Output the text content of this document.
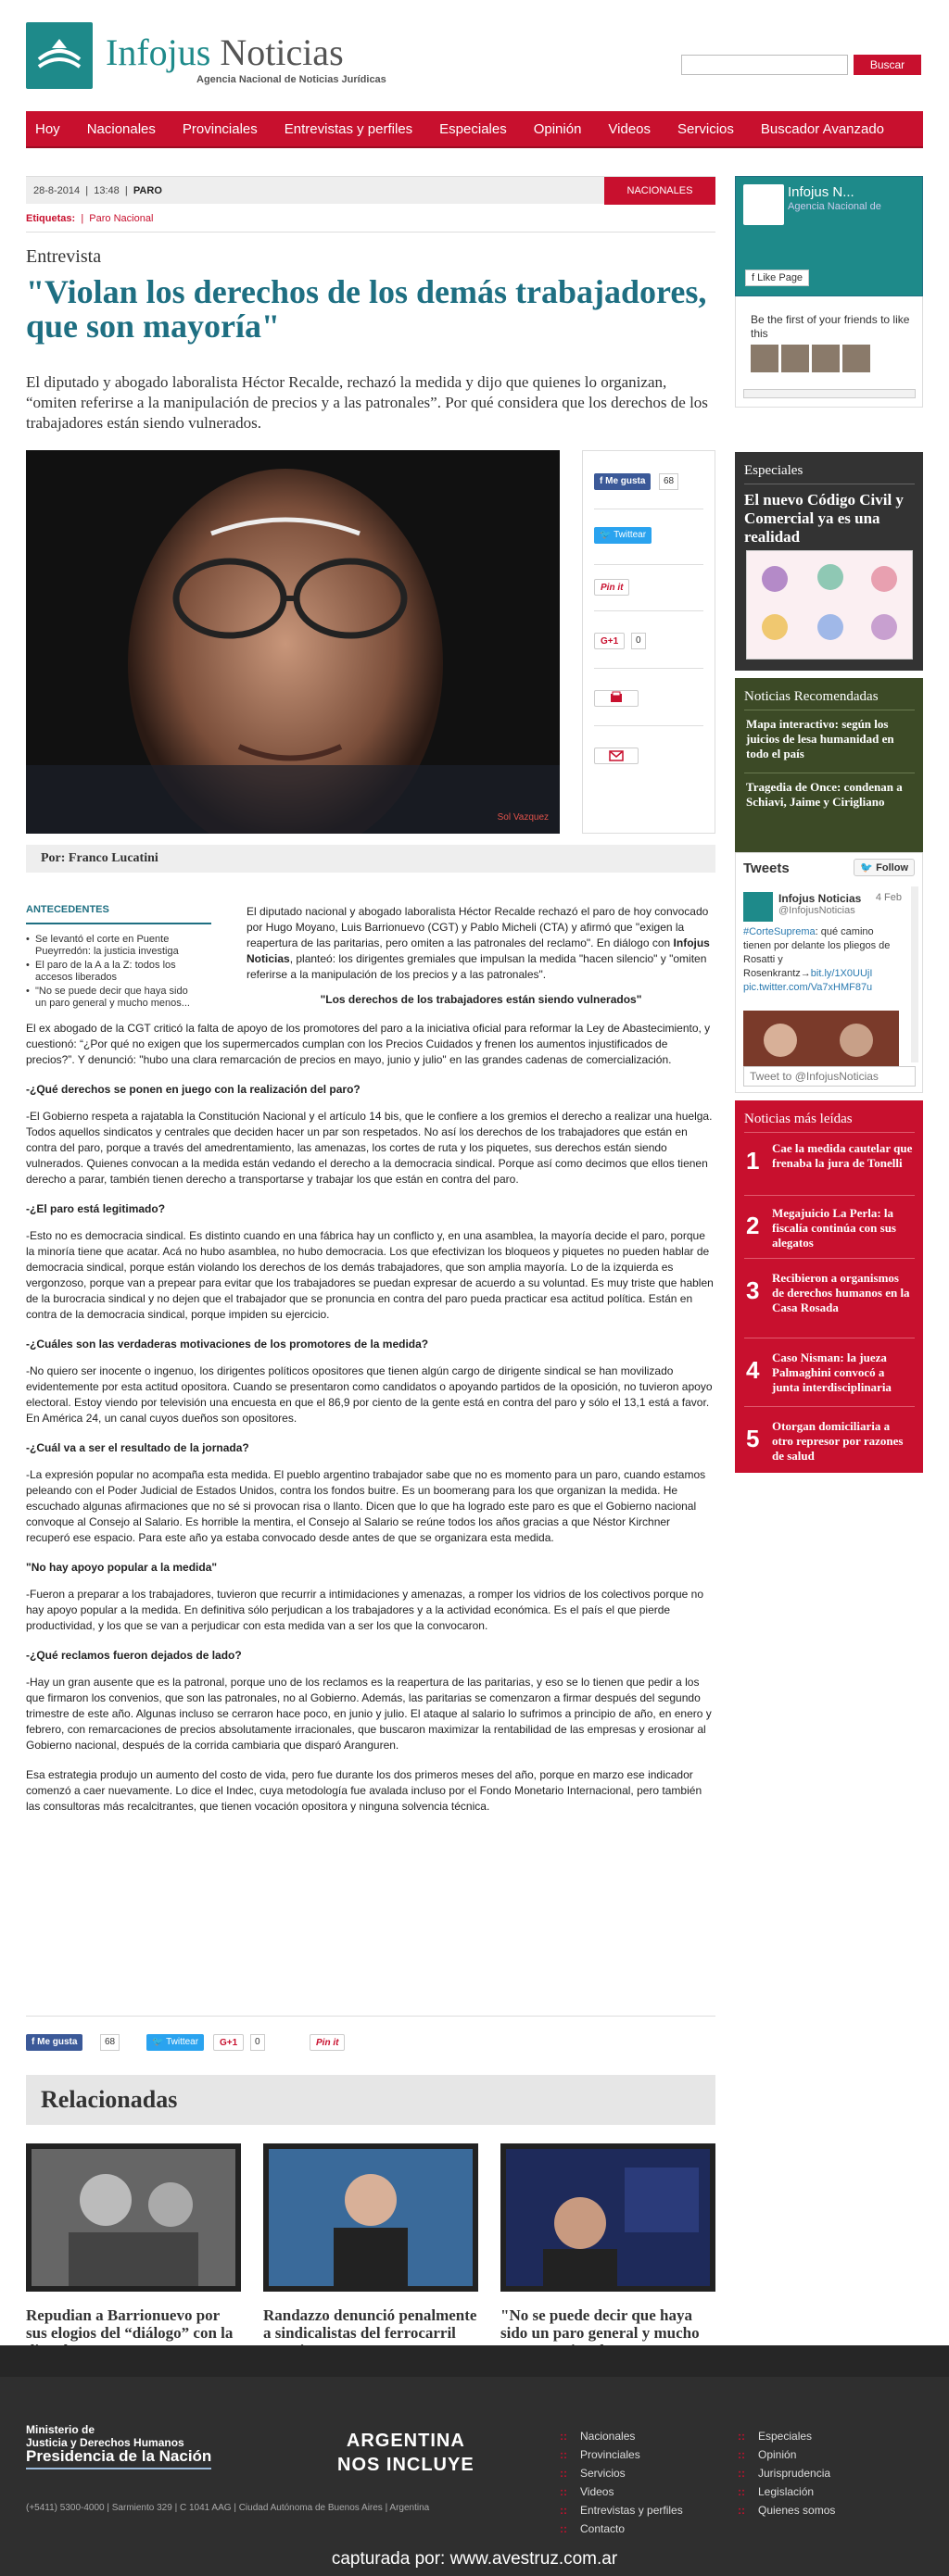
Infojus Noticias
Agencia Nacional de Noticias Jurídicas
Buscar
Hoy Nacionales Provinciales Entrevistas y perfiles Especiales Opinión Videos Servicios Buscador Avanzado
28-8-2014 | 13:48 | PARO	NACIONALES
Etiquetas: | Paro Nacional
Entrevista
"Violan los derechos de los demás trabajadores, que son mayoría"
El diputado y abogado laboralista Héctor Recalde, rechazó la medida y dijo que quienes lo organizan, “omiten referirse a la manipulación de precios y a las patronales”. Por qué considera que los derechos de los trabajadores están siendo vulnerados.
Sol Vazquez
f Me gusta	68
🐦 Twittear
Pin it
G+1	0
Por: Franco Lucatini
ANTECEDENTES
• Se levantó el corte en Puente Pueyrredón: la justicia investiga
• El paro de la A a la Z: todos los accesos liberados
• "No se puede decir que haya sido un paro general y mucho menos...
El diputado nacional y abogado laboralista Héctor Recalde rechazó el paro de hoy convocado por Hugo Moyano, Luis Barrionuevo (CGT) y Pablo Micheli (CTA) y afirmó que "exigen la reapertura de las paritarias, pero omiten a las patronales del reclamo". En diálogo con Infojus Noticias, planteó: los dirigentes gremiales que impulsan la medida "hacen silencio" y "omiten referirse a la manipulación de los precios y a las patronales".
"Los derechos de los trabajadores están siendo vulnerados"

El ex abogado de la CGT criticó la falta de apoyo de los promotores del paro a la iniciativa oficial para reformar la Ley de Abastecimiento, y cuestionó: “¿Por qué no exigen que los supermercados cumplan con los Precios Cuidados y frenen los aumentos injustificados de precios?”. Y denunció: "hubo una clara remarcación de precios en mayo, junio y julio" en las grandes cadenas de comercialización.

-¿Qué derechos se ponen en juego con la realización del paro?

-El Gobierno respeta a rajatabla la Constitución Nacional y el artículo 14 bis, que le confiere a los gremios el derecho a realizar una huelga. Todos aquellos sindicatos y centrales que deciden hacer un par son respetados. No así los derechos de los trabajadores que están en contra del paro, porque a través del amedrentamiento, las amenazas, los cortes de ruta y los piquetes, sus derechos están siendo vulnerados. Quienes convocan a la medida están vedando el derecho a la democracia sindical. Porque así como decimos que ellos tienen derecho a parar, también tienen derecho a transportarse y trabajar los que están en contra del paro.

-¿El paro está legitimado?

-Esto no es democracia sindical. Es distinto cuando en una fábrica hay un conflicto y, en una asamblea, la mayoría decide el paro, porque la minoría tiene que acatar. Acá no hubo asamblea, no hubo democracia. Los que efectivizan los bloqueos y piquetes no pueden hablar de democracia sindical, porque están violando los derechos de los demás trabajadores, que son amplia mayoría. Lo de la izquierda es vergonzoso, porque van a prepear para evitar que los trabajadores se puedan expresar de acuerdo a su voluntad. Es muy triste que hablen de la burocracia sindical y no dejen que el trabajador que se pronuncia en contra del paro pueda practicar esa actitud política. Están en contra de la democracia sindical, porque impiden su ejercicio.

-¿Cuáles son las verdaderas motivaciones de los promotores de la medida?

-No quiero ser inocente o ingenuo, los dirigentes políticos opositores que tienen algún cargo de dirigente sindical se han movilizado evidentemente por esta actitud opositora. Cuando se presentaron como candidatos o apoyando partidos de la oposición, no tuvieron apoyo electoral. Estoy viendo por televisión una encuesta en que el 86,9 por ciento de la gente está en contra del paro y sólo el 13,1 está a favor. En América 24, un canal cuyos dueños son opositores.

-¿Cuál va a ser el resultado de la jornada?

-La expresión popular no acompaña esta medida. El pueblo argentino trabajador sabe que no es momento para un paro, cuando estamos peleando con el Poder Judicial de Estados Unidos, contra los fondos buitre. Es un boomerang para los que organizan la medida. He escuchado algunas afirmaciones que no sé si provocan risa o llanto. Dicen que lo que ha logrado este paro es que el Gobierno nacional convoque al Consejo al Salario. Es horrible la mentira, el Consejo al Salario se reúne todos los años gracias a que Néstor Kirchner recuperó ese espacio. Para este año ya estaba convocado desde antes de que se organizara esta medida.

"No hay apoyo popular a la medida"

-Fueron a preparar a los trabajadores, tuvieron que recurrir a intimidaciones y amenazas, a romper los vidrios de los colectivos porque no hay apoyo popular a la medida. En definitiva sólo perjudican a los trabajadores y a la actividad económica. Es el país el que pierde productividad, y los que se van a perjudicar con esta medida van a ser los que la convocaron.

-¿Qué reclamos fueron dejados de lado?

-Hay un gran ausente que es la patronal, porque uno de los reclamos es la reapertura de las paritarias, y eso se lo tienen que pedir a los que firmaron los convenios, que son las patronales, no al Gobierno. Además, las paritarias se comenzaron a firmar después del segundo trimestre de este año. Algunas incluso se cerraron hace poco, en junio y julio. El ataque al salario lo sufrimos a principio de año, en enero y febrero, con remarcaciones de precios absolutamente irracionales, que buscaron maximizar la rentabilidad de las empresas y erosionar al Gobierno nacional, después de la corrida cambiaria que disparó Aranguren.

Esa estrategia produjo un aumento del costo de vida, pero fue durante los dos primeros meses del año, porque en marzo ese indicador comenzó a caer nuevamente. Lo dice el Indec, cuya metodología fue avalada incluso por el Fondo Monetario Internacional, pero también las consultoras más recalcitrantes, que tienen vocación opositora y ninguna solvencia técnica.

f Me gusta	68	🐦 Twittear	G+1	0	Pin it
Relacionadas
Repudian a Barrionuevo por sus elogios del “diálogo” con la
Randazzo denunció penalmente a sindicalistas del ferrocarril
"No se puede decir que haya sido un paro general y mucho
Infojus N...
Agencia Nacional de
f Like Page
Be the first of your friends to like this
Especiales
El nuevo Código Civil y Comercial ya es una realidad
Noticias Recomendadas
Mapa interactivo: según los juicios de lesa humanidad en todo el país
Tragedia de Once: condenan a Schiavi, Jaime y Cirigliano
Tweets	🐦 Follow
Infojus Noticias
@InfojusNoticias
4 Feb
#CorteSuprema: qué camino tienen por delante los pliegos de Rosatti y Rosenkrantz→bit.ly/1X0UUjI pic.twitter.com/Va7xHMF87u
Tweet to @InfojusNoticias
Noticias más leídas
1 Cae la medida cautelar que frenaba la jura de Tonelli
2 Megajuicio La Perla: la fiscalía continúa con sus alegatos
3 Recibieron a organismos de derechos humanos en la Casa Rosada
4 Caso Nisman: la jueza Palmaghini convocó a junta interdisciplinaria
5 Otorgan domiciliaria a otro represor por razones de salud
Ministerio de
Justicia y Derechos Humanos
Presidencia de la Nación
ARGENTINA
NOS INCLUYE
(+5411) 5300-4000 | Sarmiento 329 | C 1041 AAG | Ciudad Autónoma de Buenos Aires | Argentina
:: Nacionales
:: Provinciales
:: Servicios
:: Videos
:: Entrevistas y perfiles
:: Contacto
:: Especiales
:: Opinión
:: Jurisprudencia
:: Legislación
:: Quienes somos
capturada por: www.avestruz.com.ar
